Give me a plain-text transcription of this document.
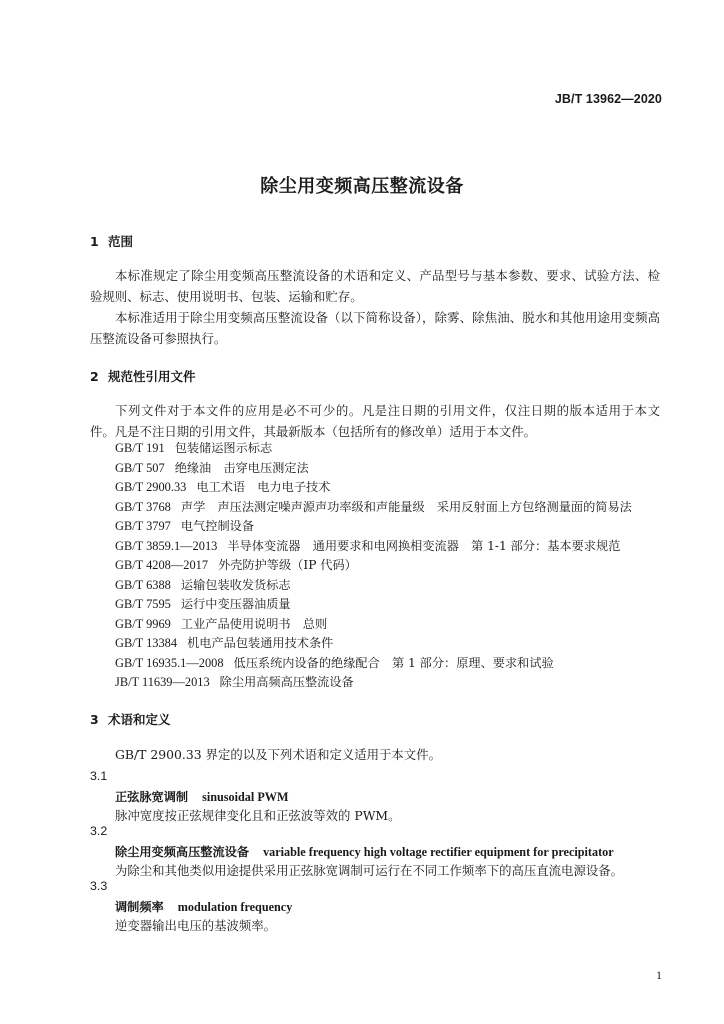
JB/T 13962—2020
除尘用变频高压整流设备
1 范围

本标准规定了除尘用变频高压整流设备的术语和定义、产品型号与基本参数、要求、试验方法、检验规则、标志、使用说明书、包装、运输和贮存。

本标准适用于除尘用变频高压整流设备（以下简称设备），除雾、除焦油、脱水和其他用途用变频高压整流设备可参照执行。

2 规范性引用文件

下列文件对于本文件的应用是必不可少的。凡是注日期的引用文件，仅注日期的版本适用于本文件。凡是不注日期的引用文件，其最新版本（包括所有的修改单）适用于本文件。

GB/T 191 包装储运图示标志
GB/T 507 绝缘油　击穿电压测定法
GB/T 2900.33 电工术语　电力电子技术
GB/T 3768 声学　声压法测定噪声源声功率级和声能量级　采用反射面上方包络测量面的简易法
GB/T 3797 电气控制设备
GB/T 3859.1—2013 半导体变流器　通用要求和电网换相变流器　第 1-1 部分：基本要求规范
GB/T 4208—2017 外壳防护等级（IP 代码）
GB/T 6388 运输包装收发货标志
GB/T 7595 运行中变压器油质量
GB/T 9969 工业产品使用说明书　总则
GB/T 13384 机电产品包装通用技术条件
GB/T 16935.1—2008 低压系统内设备的绝缘配合　第 1 部分：原理、要求和试验
JB/T 11639—2013 除尘用高频高压整流设备
3 术语和定义

GB/T 2900.33 界定的以及下列术语和定义适用于本文件。

3.1
正弦脉宽调制 sinusoidal PWM
脉冲宽度按正弦规律变化且和正弦波等效的 PWM。
3.2
除尘用变频高压整流设备 variable frequency high voltage rectifier equipment for precipitator
为除尘和其他类似用途提供采用正弦脉宽调制可运行在不同工作频率下的高压直流电源设备。
3.3
调制频率 modulation frequency
逆变器输出电压的基波频率。
1
